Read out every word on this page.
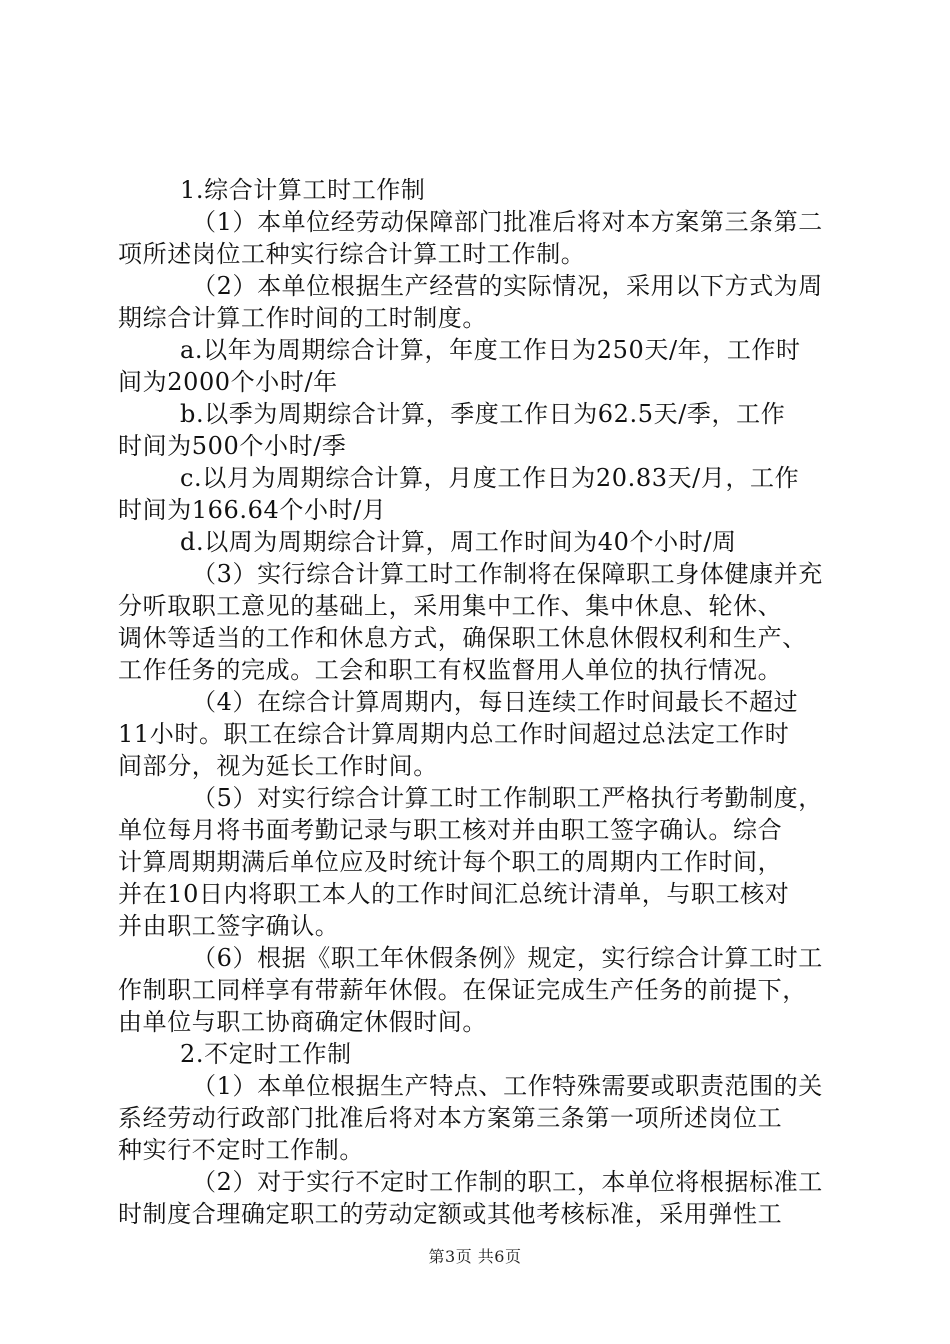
1.综合计算工时工作制

（1）本单位经劳动保障部门批准后将对本方案第三条第二
项所述岗位工种实行综合计算工时工作制。

（2）本单位根据生产经营的实际情况，采用以下方式为周
期综合计算工作时间的工时制度。

a.以年为周期综合计算，年度工作日为250天/年，工作时
间为2000个小时/年

b.以季为周期综合计算，季度工作日为62.5天/季，工作
时间为500个小时/季

c.以月为周期综合计算，月度工作日为20.83天/月，工作
时间为166.64个小时/月

d.以周为周期综合计算，周工作时间为40个小时/周

（3）实行综合计算工时工作制将在保障职工身体健康并充
分听取职工意见的基础上，采用集中工作、集中休息、轮休、
调休等适当的工作和休息方式，确保职工休息休假权利和生产、
工作任务的完成。工会和职工有权监督用人单位的执行情况。

（4）在综合计算周期内，每日连续工作时间最长不超过
11小时。职工在综合计算周期内总工作时间超过总法定工作时
间部分，视为延长工作时间。

（5）对实行综合计算工时工作制职工严格执行考勤制度，
单位每月将书面考勤记录与职工核对并由职工签字确认。综合
计算周期期满后单位应及时统计每个职工的周期内工作时间，
并在10日内将职工本人的工作时间汇总统计清单，与职工核对
并由职工签字确认。

（6）根据《职工年休假条例》规定，实行综合计算工时工
作制职工同样享有带薪年休假。在保证完成生产任务的前提下，
由单位与职工协商确定休假时间。

2.不定时工作制

（1）本单位根据生产特点、工作特殊需要或职责范围的关
系经劳动行政部门批准后将对本方案第三条第一项所述岗位工
种实行不定时工作制。

（2）对于实行不定时工作制的职工，本单位将根据标准工
时制度合理确定职工的劳动定额或其他考核标准，采用弹性工

第3页 共6页
